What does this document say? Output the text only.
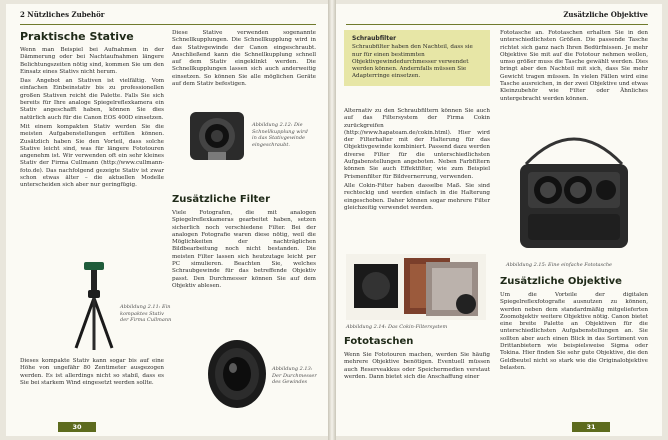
2 Nützliches Zubehör
Praktische Stative

Wenn man Beispiel bei Aufnahmen in der Dämmerung oder bei Nachtaufnahmen längere Belichtungszeiten nötig sind, kommen Sie um den Einsatz eines Stativs nicht herum.

Das Angebot an Stativen ist vielfältig. Vom einfachen Einbeinstativ bis zu professionellen großen Stativen reicht die Palette. Falls Sie sich bereits für Ihre analoge Spiegelreflexkamera ein Stativ angeschafft haben, können Sie dies natürlich auch für die Canon EOS 400D einsetzen.

Mit einem kompakten Stativ werden Sie die meisten Aufgabenstellungen erfüllen können. Zusätzlich haben Sie den Vorteil, dass solche Stative leicht sind, was für längere Fototouren angenehm ist. Wir verwenden oft ein sehr kleines Stativ der Firma Cullmann (http://www.cullmann-foto.de). Das nachfolgend gezeigte Stativ ist zwar schon etwas älter – die aktuellen Modelle unterscheiden sich aber nur geringfügig.

Abbildung 2.11: Ein kompaktes Stativ der Firma Cullmann

Dieses kompakte Stativ kann sogar bis auf eine Höhe von ungefähr 80 Zentimeter ausgezogen werden. Es ist allerdings nicht so stabil, dass es Sie bei starkem Wind eingesetzt werden sollte.

Diese Stative verwenden sogenannte Schnellkupplungen. Die Schnellkupplung wird in das Stativgewinde der Canon eingeschraubt. Anschließend kann die Schnellkupplung schnell auf dem Stativ eingeklinkt werden. Die Schnellkupplungen lassen sich auch anderweitig einsetzen. So können Sie alle möglichen Geräte auf dem Stativ befestigen.

Abbildung 2.12: Die Schnellkupplung wird in das Stativgewinde eingeschraubt.
Zusätzliche Filter

Viele Fotografen, die mit analogen Spiegelreflexkameras gearbeitet haben, setzen sicherlich noch verschiedene Filter. Bei der analogen Fotografie waren diese nötig, weil die Möglichkeiten der nachträglichen Bildbearbeitung noch nicht bestanden. Die meisten Filter lassen sich heutzutage leicht per PC simulieren. Beachten Sie, welches Schraubgewinde für das betreffende Objektiv passt. Den Durchmesser können Sie auf dem Objektiv ablesen.

Abbildung 2.13: Der Durchmesser des Gewindes
30
Zusätzliche Objektive
Schraubfilter
Schraubfilter haben den Nachteil, dass sie nur für einen bestimmten Objektivgewindedurchmesser verwendet werden können. Andernfalls müssen Sie Adapterringe einsetzen.

Alternativ zu den Schraubfiltern können Sie auch auf das Filtersystem der Firma Cokin zurückgreifen (http://www.hapateam.de/cokin.html). Hier wird der Filterhalter mit der Halterung für das Objektivgewinde kombiniert. Passend dazu werden diverse Filter für die unterschiedlichsten Aufgabenstellungen angeboten. Neben Farbfiltern können Sie auch Effektfilter, wie zum Beispiel Prismenfilter für Bildvernerrung, verwenden.

Alle Cokin-Filter haben dasselbe Maß. Sie sind rechteckig und werden einfach in die Halterung eingeschoben. Daher können sogar mehrere Filter gleichzeitig verwendet werden.

Abbildung 2.14: Das Cokin-Filtersystem
Fototaschen

Wenn Sie Fototouren machen, werden Sie häufig mehrere Objektive benötigen. Eventuell müssen auch Reserveakkus oder Speichermedien verstaut werden. Dann bietet sich die Anschaffung einer

Fototasche an. Fototaschen erhalten Sie in den unterschiedlichsten Größen. Die passende Tasche richtet sich ganz nach Ihren Bedürfnissen. Je mehr Objektive Sie mit auf die Fototour nehmen wollen, umso größer muss die Tasche gewählt werden. Dies bringt aber den Nachteil mit sich, dass Sie mehr Gewicht tragen müssen. In vielen Fällen wird eine Tasche ausreichen, in der zwei Objektive und etwas Kleinzubehör wie Filter oder Ähnliches untergebracht werden können.

Abbildung 2.15: Eine einfache Fototasche
Zusätzliche Objektive

Um die Vorteile der digitalen Spiegelreflexfotografie ausnutzen zu können, werden neben dem standardmäßig mitgelieferten Zoomobjektiv weitere Objektive nötig. Canon bietet eine breite Palette an Objektiven für die unterschiedlichsten Aufgabenstellungen an. Sie sollten aber auch einen Blick in das Sortiment von Drittanbietern wie beispielsweise Sigma oder Tokina. Hier finden Sie sehr gute Objektive, die den Geldbeutel nicht so stark wie die Originalobjektive belasten.

31
